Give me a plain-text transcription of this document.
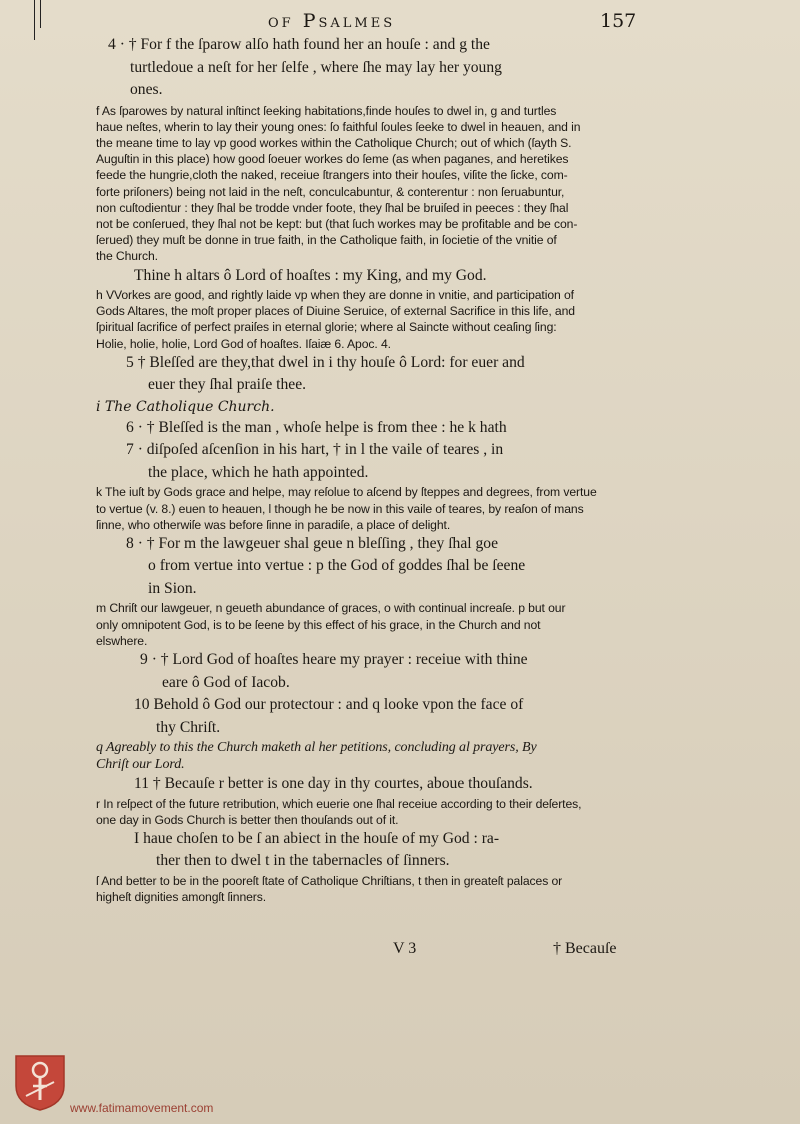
of Psalmes	157
4 · † For f the ſparow alſo hath found her an houſe : and g the
turtledoue a neſt for her ſelfe , where ſhe may lay her young
ones.
f As ſparowes by natural inſtinct ſeeking habitations,finde houſes to dwel in, g and turtles
haue neſtes, wherin to lay their young ones: ſo faithful ſoules ſeeke to dwel in heauen, and in
the meane time to lay vp good workes within the Catholique Church; out of which (ſayth S.
Auguſtin in this place) how good ſoeuer workes do ſeme (as when paganes, and heretikes
feede the hungrie,cloth the naked, receiue ſtrangers into their houſes, viſite the ſicke, com-
forte priſoners) being not laid in the neſt, conculcabuntur, & conterentur : non ſeruabuntur,
non cuſtodientur : they ſhal be trodde vnder foote, they ſhal be bruiſed in peeces : they ſhal
not be conſerued, they ſhal not be kept: but (that ſuch workes may be profitable and be con-
ſerued) they muſt be donne in true faith, in the Catholique faith, in ſocietie of the vnitie of
the Church.
Thine h altars ô Lord of hoaſtes : my King, and my God.
h VVorkes are good, and rightly laide vp when they are donne in vnitie, and participation of
Gods Altares, the moſt proper places of Diuine Seruice, of external Sacrifice in this life, and
ſpiritual ſacrifice of perfect praiſes in eternal glorie; where al Saincte without ceaſing ſing:
Holie, holie, holie, Lord God of hoaſtes. Iſaiæ 6. Apoc. 4.
5 † Bleſſed are they,that dwel in i thy houſe ô Lord: for euer and
euer they ſhal praiſe thee.
i The Catholique Church.
6 · † Bleſſed is the man , whoſe helpe is from thee : he k hath
7 · diſpoſed aſcenſion in his hart, † in l the vaile of teares , in
the place, which he hath appointed.
k The iuſt by Gods grace and helpe, may reſolue to aſcend by ſteppes and degrees, from vertue
to vertue (v. 8.) euen to heauen, l though he be now in this vaile of teares, by reaſon of mans
ſinne, who otherwiſe was before ſinne in paradiſe, a place of delight.
8 · † For m the lawgeuer shal geue n bleſſing , they ſhal goe
o from vertue into vertue : p the God of goddes ſhal be ſeene
in Sion.
m Chriſt our lawgeuer, n geueth abundance of graces, o with continual increaſe. p but our
only omnipotent God, is to be ſeene by this effect of his grace, in the Church and not
elswhere.
9 · † Lord God of hoaſtes heare my prayer : receiue with thine
eare ô God of Iacob.
10 Behold ô God our protectour : and q looke vpon the face of
thy Chriſt.
q Agreably to this the Church maketh al her petitions, concluding al prayers, By
Chriſt our Lord.
11 † Becauſe r better is one day in thy courtes, aboue thouſands.
r In reſpect of the future retribution, which euerie one ſhal receiue according to their deſertes,
one day in Gods Church is better then thouſands out of it.
I haue choſen to be ſ an abiect in the houſe of my God : ra-
ther then to dwel t in the tabernacles of ſinners.
ſ And better to be in the pooreſt ſtate of Catholique Chriſtians, t then in greateſt palaces or
higheſt dignities amongſt ſinners.
V 3	† Becauſe
www.fatimamovement.com
